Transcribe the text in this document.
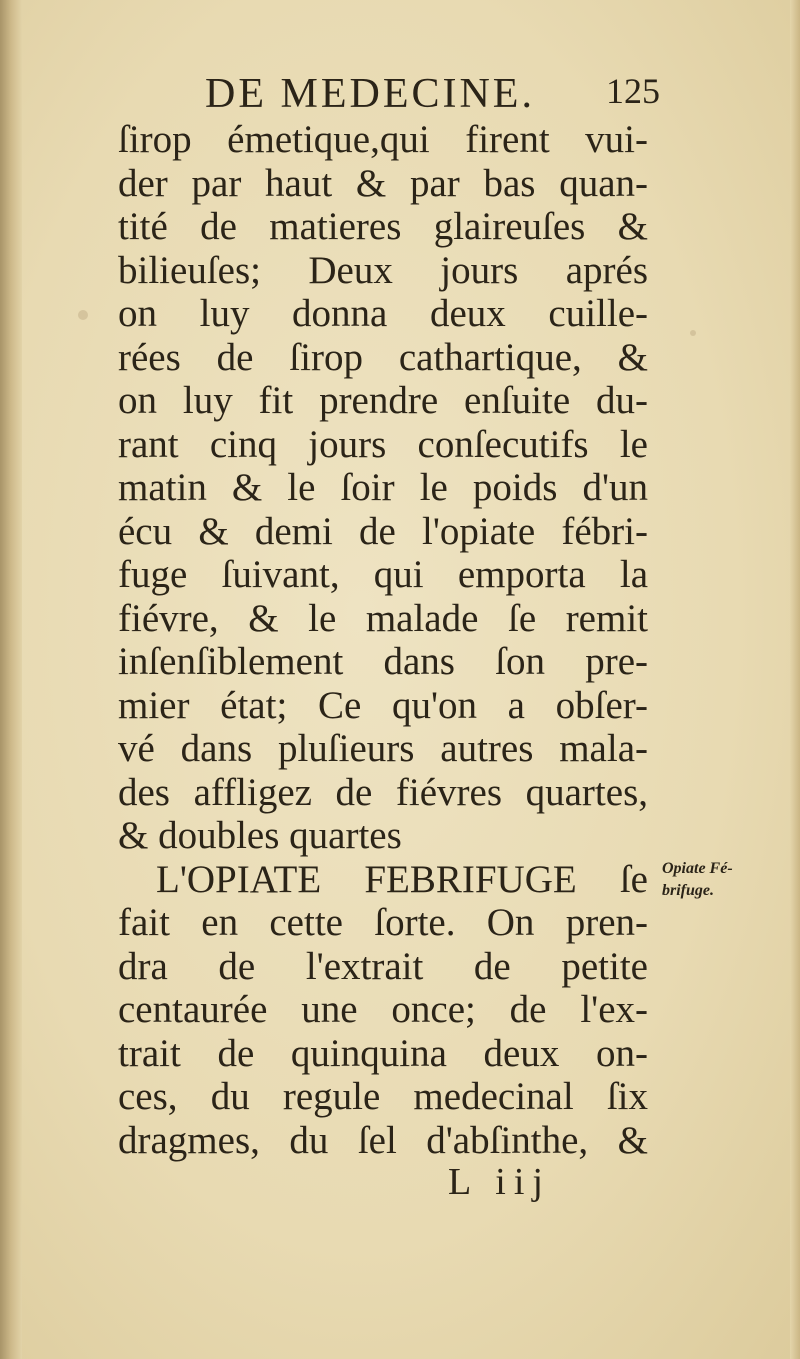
DE MEDECINE. 125
ſirop émetique,qui firent vui-
der par haut & par bas quan-
tité de matieres glaireuſes &
bilieuſes; Deux jours aprés
on luy donna deux cuille-
rées de ſirop cathartique, &
on luy fit prendre enſuite du-
rant cinq jours conſecutifs le
matin & le ſoir le poids d'un
écu & demi de l'opiate fébri-
fuge ſuivant, qui emporta la
fiévre, & le malade ſe remit
inſenſiblement dans ſon pre-
mier état; Ce qu'on a obſer-
vé dans pluſieurs autres mala-
des affligez de fiévres quartes,
& doubles quartes
L'OPIATE FEBRIFUGE ſe
fait en cette ſorte. On pren-
dra de l'extrait de petite
centaurée une once; de l'ex-
trait de quinquina deux on-
ces, du regule medecinal ſix
dragmes, du ſel d'abſinthe, &
Opiate Fé-
brifuge.
L iij
